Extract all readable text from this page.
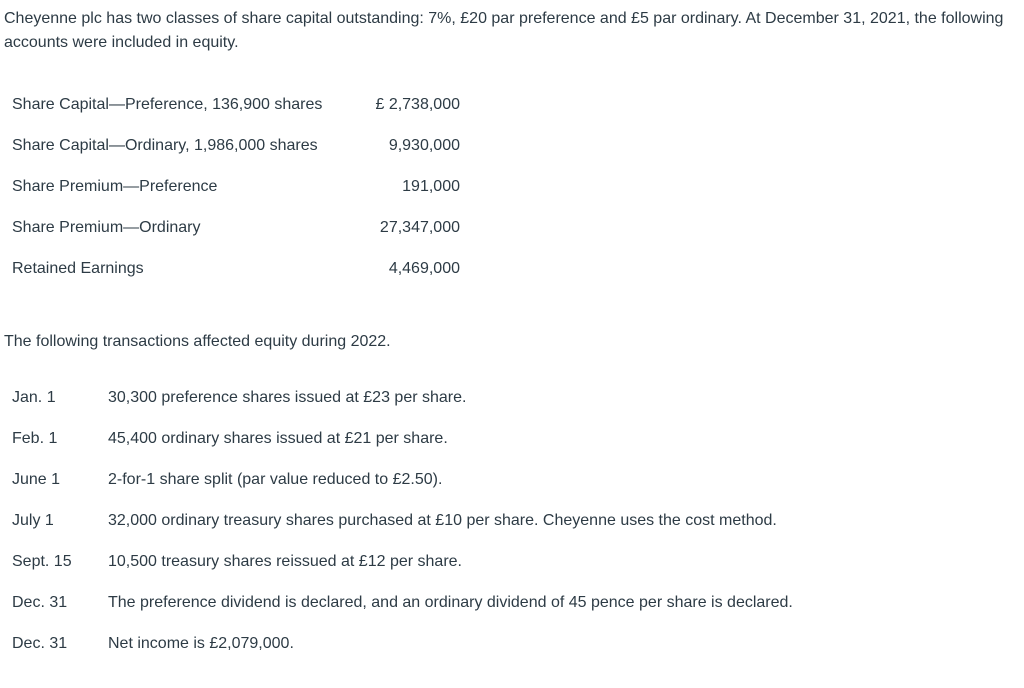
Cheyenne plc has two classes of share capital outstanding: 7%, £20 par preference and £5 par ordinary. At December 31, 2021, the following accounts were included in equity.

Share Capital—Preference, 136,900 shares	£ 2,738,000
Share Capital—Ordinary, 1,986,000 shares	9,930,000
Share Premium—Preference	191,000
Share Premium—Ordinary	27,347,000
Retained Earnings	4,469,000

The following transactions affected equity during 2022.

Jan. 1	30,300 preference shares issued at £23 per share.
Feb. 1	45,400 ordinary shares issued at £21 per share.
June 1	2-for-1 share split (par value reduced to £2.50).
July 1	32,000 ordinary treasury shares purchased at £10 per share. Cheyenne uses the cost method.
Sept. 15	10,500 treasury shares reissued at £12 per share.
Dec. 31	The preference dividend is declared, and an ordinary dividend of 45 pence per share is declared.
Dec. 31	Net income is £2,079,000.
